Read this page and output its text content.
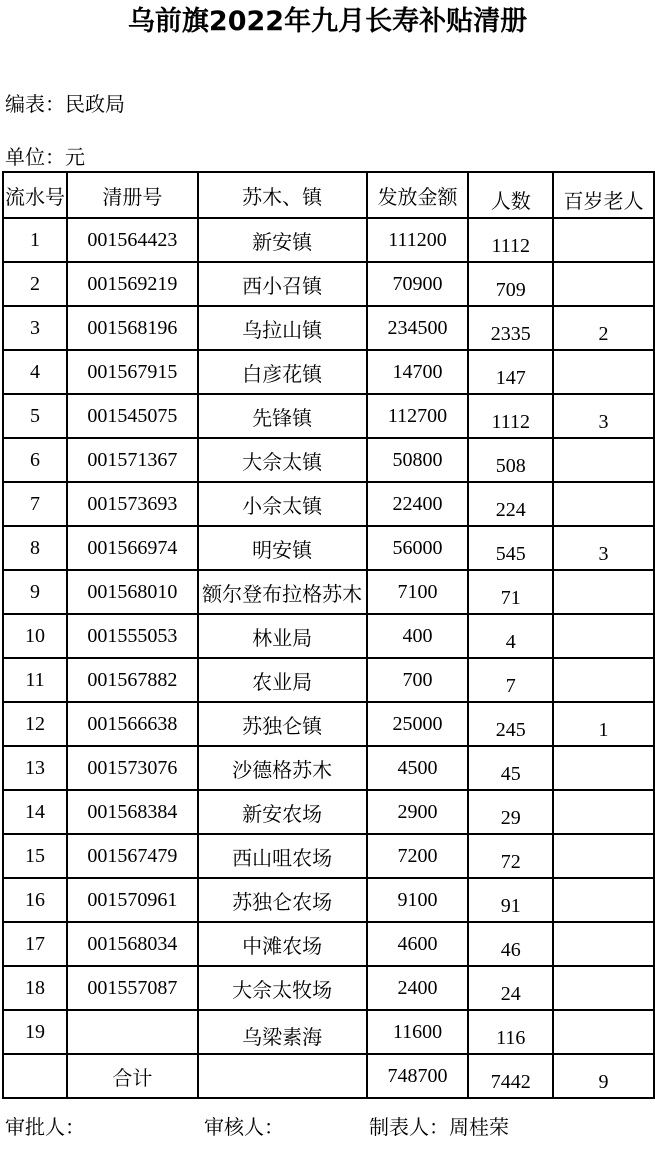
乌前旗2022年九月长寿补贴清册
编表：民政局
单位：元
流水号	清册号	苏木、镇	发放金额	人数	百岁老人
1	001564423	新安镇	111200	1112	
2	001569219	西小召镇	70900	709	
3	001568196	乌拉山镇	234500	2335	2
4	001567915	白彦花镇	14700	147	
5	001545075	先锋镇	112700	1112	3
6	001571367	大佘太镇	50800	508	
7	001573693	小佘太镇	22400	224	
8	001566974	明安镇	56000	545	3
9	001568010	额尔登布拉格苏木	7100	71	
10	001555053	林业局	400	4	
11	001567882	农业局	700	7	
12	001566638	苏独仑镇	25000	245	1
13	001573076	沙德格苏木	4500	45	
14	001568384	新安农场	2900	29	
15	001567479	西山咀农场	7200	72	
16	001570961	苏独仑农场	9100	91	
17	001568034	中滩农场	4600	46	
18	001557087	大佘太牧场	2400	24	
19		乌梁素海	11600	116	
	合计		748700	7442	9
审批人：	审核人：	制表人：周桂荣
